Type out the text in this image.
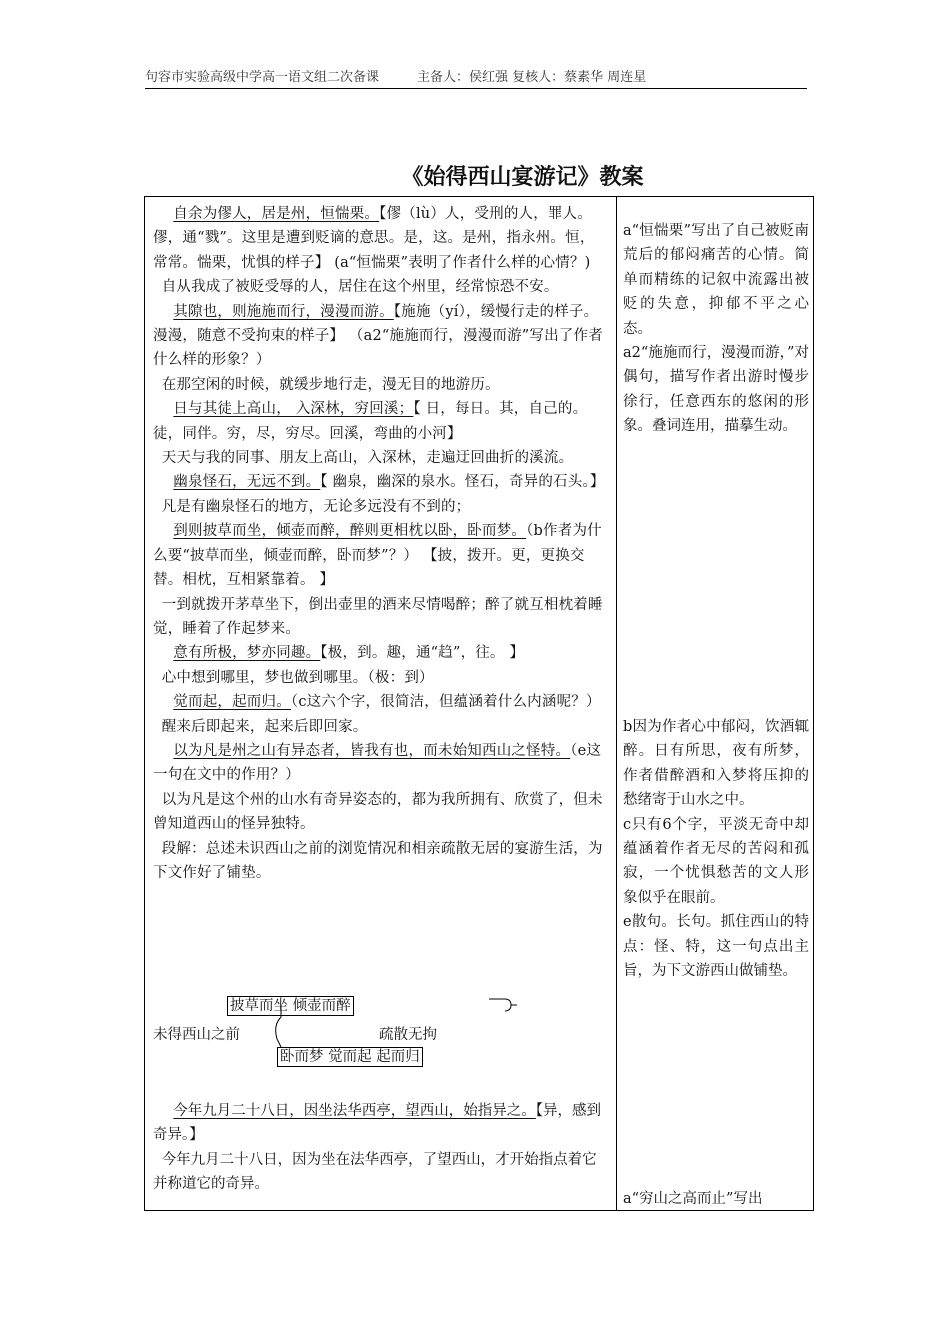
句容市实验高级中学高一语文组二次备课	主备人：侯红强 复核人：蔡素华 周连星
《始得西山宴游记》教案

自余为僇人，居是州，恒惴栗。【僇（lù）人，受刑的人，罪人。僇，通“戮”。这里是遭到贬谪的意思。是，这。是州，指永州。恒，常常。惴栗，忧惧的样子】 (a“恒惴栗”表明了作者什么样的心情？)

自从我成了被贬受辱的人，居住在这个州里，经常惊恐不安。

其隙也，则施施而行，漫漫而游。【施施（yí），缓慢行走的样子。 漫漫，随意不受拘束的样子】 （a2“施施而行，漫漫而游”写出了作者什么样的形象？）

在那空闲的时候，就缓步地行走，漫无目的地游历。

日与其徒上高山， 入深林，穷回溪；【 日，每日。其，自己的。徒，同伴。穷，尽，穷尽。回溪，弯曲的小河】

天天与我的同事、朋友上高山，入深林，走遍迂回曲折的溪流。

幽泉怪石，无远不到。【 幽泉，幽深的泉水。怪石，奇异的石头。】

凡是有幽泉怪石的地方，无论多远没有不到的；

到则披草而坐，倾壶而醉，醉则更相枕以卧，卧而梦。（b作者为什么要“披草而坐，倾壶而醉，卧而梦”？） 【披，拨开。更，更换交替。相枕，互相紧靠着。 】

一到就拨开茅草坐下，倒出壶里的酒来尽情喝醉；醉了就互相枕着睡觉，睡着了作起梦来。

意有所极，梦亦同趣。【极，到。趣，通“趋”，往。 】

心中想到哪里，梦也做到哪里。（极：到）

觉而起，起而归。（c这六个字，很简洁，但蕴涵着什么内涵呢？）

醒来后即起来，起来后即回家。

以为凡是州之山有异态者，皆我有也，而未始知西山之怪特。（e这一句在文中的作用？）

以为凡是这个州的山水有奇异姿态的，都为我所拥有、欣赏了，但未曾知道西山的怪异独特。

段解：总述未识西山之前的浏览情况和相亲疏散无居的宴游生活，为下文作好了铺垫。

披草而坐 倾壶而醉
未得西山之前	疏散无拘
卧而梦 觉而起 起而归

今年九月二十八日，因坐法华西亭，望西山，始指异之。【异，感到奇异。】

今年九月二十八日，因为坐在法华西亭，了望西山，才开始指点着它并称道它的奇异。

a“恒惴栗”写出了自己被贬南荒后的郁闷痛苦的心情。简单而精练的记叙中流露出被贬的失意，抑郁不平之心态。

a2“施施而行，漫漫而游，”对偶句，描写作者出游时慢步徐行，任意西东的悠闲的形象。叠词连用，描摹生动。

b因为作者心中郁闷，饮酒辄醉。日有所思，夜有所梦，作者借醉酒和入梦将压抑的愁绪寄于山水之中。

c只有6个字，平淡无奇中却蕴涵着作者无尽的苦闷和孤寂，一个忧惧愁苦的文人形象似乎在眼前。

e散句。长句。抓住西山的特点：怪、特，这一句点出主旨，为下文游西山做铺垫。

a“穷山之高而止”写出
